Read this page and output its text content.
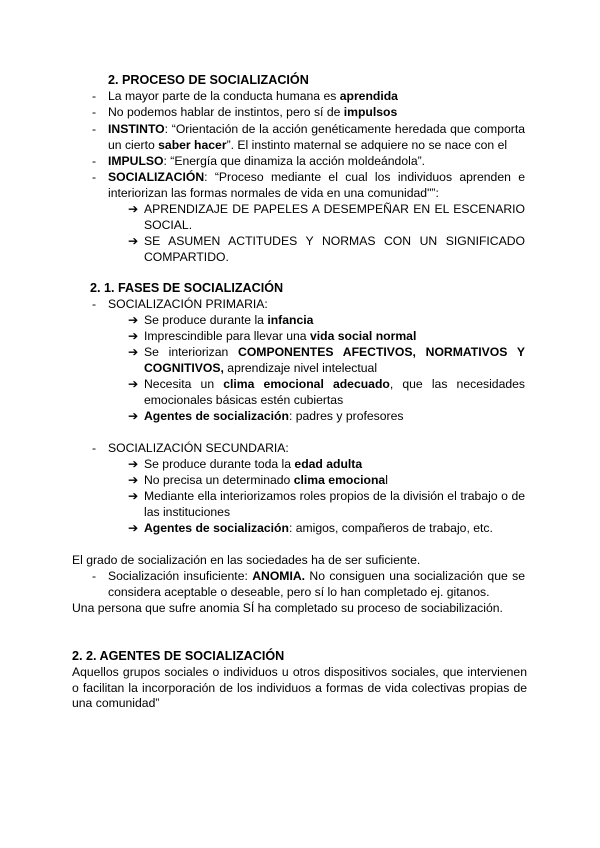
2. PROCESO DE SOCIALIZACIÓN
- La mayor parte de la conducta humana es aprendida
- No podemos hablar de instintos, pero sí de impulsos
- INSTINTO: “Orientación de la acción genéticamente heredada que comporta un cierto saber hacer”. El instinto maternal se adquiere no se nace con el
- IMPULSO: “Energía que dinamiza la acción moldeándola”.
- SOCIALIZACIÓN: “Proceso mediante el cual los individuos aprenden e interiorizan las formas normales de vida en una comunidad"”:
➔ APRENDIZAJE DE PAPELES A DESEMPEÑAR EN EL ESCENARIO SOCIAL.
➔ SE ASUMEN ACTITUDES Y NORMAS CON UN SIGNIFICADO COMPARTIDO.
2. 1. FASES DE SOCIALIZACIÓN
- SOCIALIZACIÓN PRIMARIA:
➔ Se produce durante la infancia
➔ Imprescindible para llevar una vida social normal
➔ Se interiorizan COMPONENTES AFECTIVOS, NORMATIVOS Y COGNITIVOS, aprendizaje nivel intelectual
➔ Necesita un clima emocional adecuado, que las necesidades emocionales básicas estén cubiertas
➔ Agentes de socialización: padres y profesores
- SOCIALIZACIÓN SECUNDARIA:
➔ Se produce durante toda la edad adulta
➔ No precisa un determinado clima emocional
➔ Mediante ella interiorizamos roles propios de la división el trabajo o de las instituciones
➔ Agentes de socialización: amigos, compañeros de trabajo, etc.
El grado de socialización en las sociedades ha de ser suficiente.
- Socialización insuficiente: ANOMIA. No consiguen una socialización que se considera aceptable o deseable, pero sí lo han completado ej. gitanos.
Una persona que sufre anomia SÍ ha completado su proceso de sociabilización.
2. 2. AGENTES DE SOCIALIZACIÓN
Aquellos grupos sociales o individuos u otros dispositivos sociales, que intervienen o facilitan la incorporación de los individuos a formas de vida colectivas propias de una comunidad”
